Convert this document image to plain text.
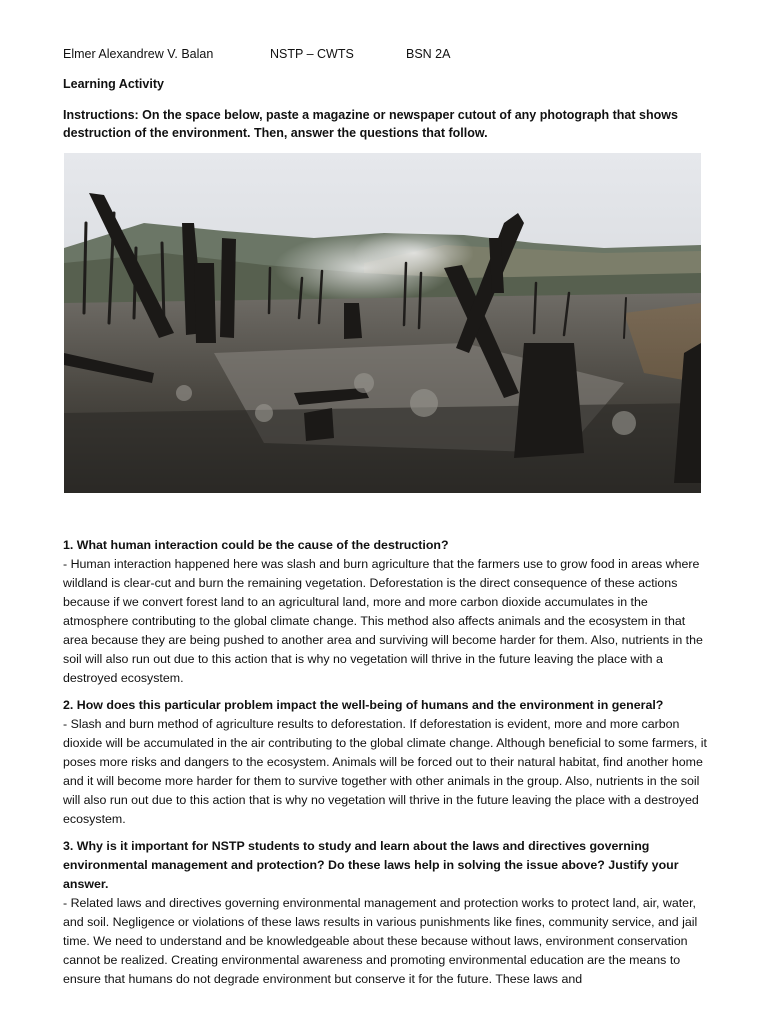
Elmer Alexandrew V. Balan	NSTP – CWTS	BSN 2A
Learning Activity
Instructions: On the space below, paste a magazine or newspaper cutout of any photograph that shows destruction of the environment. Then, answer the questions that follow.
1. What human interaction could be the cause of the destruction?
- Human interaction happened here was slash and burn agriculture that the farmers use to grow food in areas where wildland is clear-cut and burn the remaining vegetation. Deforestation is the direct consequence of these actions because if we convert forest land to an agricultural land, more and more carbon dioxide accumulates in the atmosphere contributing to the global climate change. This method also affects animals and the ecosystem in that area because they are being pushed to another area and surviving will become harder for them. Also, nutrients in the soil will also run out due to this action that is why no vegetation will thrive in the future leaving the place with a destroyed ecosystem.
2. How does this particular problem impact the well-being of humans and the environment in general?
- Slash and burn method of agriculture results to deforestation. If deforestation is evident, more and more carbon dioxide will be accumulated in the air contributing to the global climate change. Although beneficial to some farmers, it poses more risks and dangers to the ecosystem. Animals will be forced out to their natural habitat, find another home and it will become more harder for them to survive together with other animals in the group. Also, nutrients in the soil will also run out due to this action that is why no vegetation will thrive in the future leaving the place with a destroyed ecosystem.
3. Why is it important for NSTP students to study and learn about the laws and directives governing environmental management and protection? Do these laws help in solving the issue above? Justify your answer.
- Related laws and directives governing environmental management and protection works to protect land, air, water, and soil. Negligence or violations of these laws results in various punishments like fines, community service, and jail time. We need to understand and be knowledgeable about these because without laws, environment conservation cannot be realized. Creating environmental awareness and promoting environmental education are the means to ensure that humans do not degrade environment but conserve it for the future. These laws and
